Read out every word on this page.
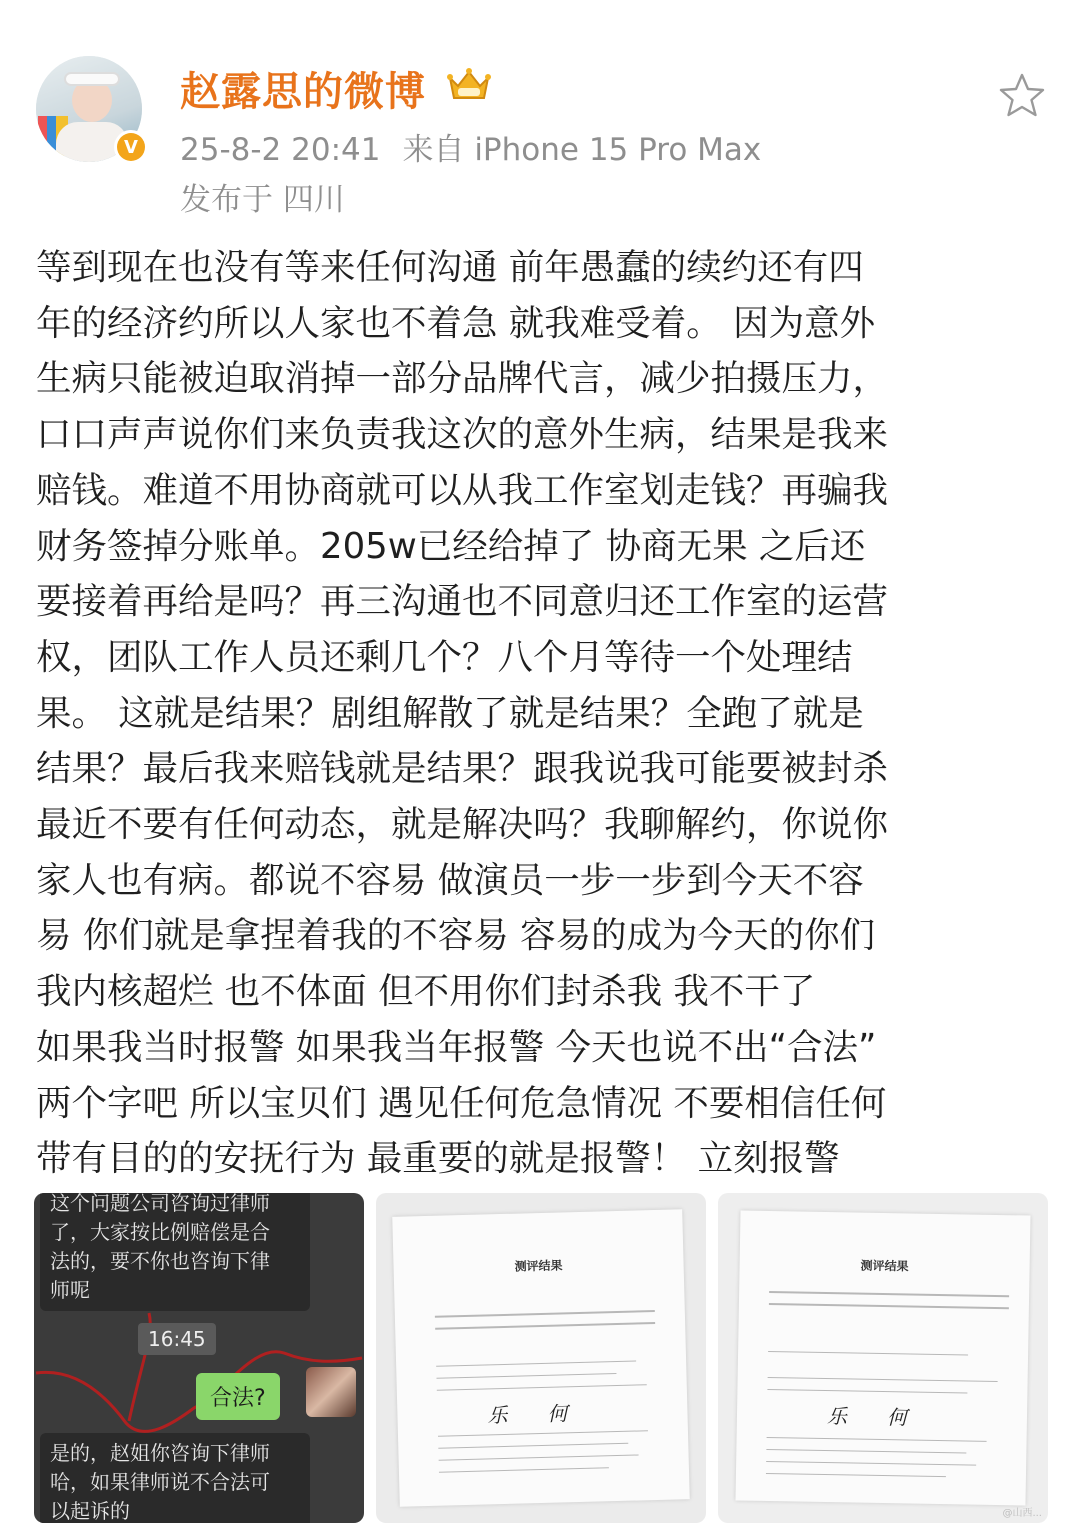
V
赵露思的微博
25-8-2 20:41 来自 iPhone 15 Pro Max
发布于 四川
等到现在也没有等来任何沟通 前年愚蠢的续约还有四
年的经济约所以人家也不着急 就我难受着。 因为意外
生病只能被迫取消掉一部分品牌代言，减少拍摄压力，
口口声声说你们来负责我这次的意外生病，结果是我来
赔钱。难道不用协商就可以从我工作室划走钱？再骗我
财务签掉分账单。205w已经给掉了 协商无果 之后还
要接着再给是吗？再三沟通也不同意归还工作室的运营
权，团队工作人员还剩几个？八个月等待一个处理结
果。 这就是结果？剧组解散了就是结果？全跑了就是
结果？最后我来赔钱就是结果？跟我说我可能要被封杀
最近不要有任何动态，就是解决吗？我聊解约，你说你
家人也有病。都说不容易 做演员一步一步到今天不容
易 你们就是拿捏着我的不容易 容易的成为今天的你们
我内核超烂 也不体面 但不用你们封杀我 我不干了
如果我当时报警 如果我当年报警 今天也说不出“合法”
两个字吧 所以宝贝们 遇见任何危急情况 不要相信任何
带有目的的安抚行为 最重要的就是报警！ 立刻报警
这个问题公司咨询过律师
了，大家按比例赔偿是合
法的，要不你也咨询下律
师呢
16:45
合法?
是的，赵姐你咨询下律师
哈，如果律师说不合法可
以起诉的
测评结果
乐 何
测评结果
乐 何
@山西...
